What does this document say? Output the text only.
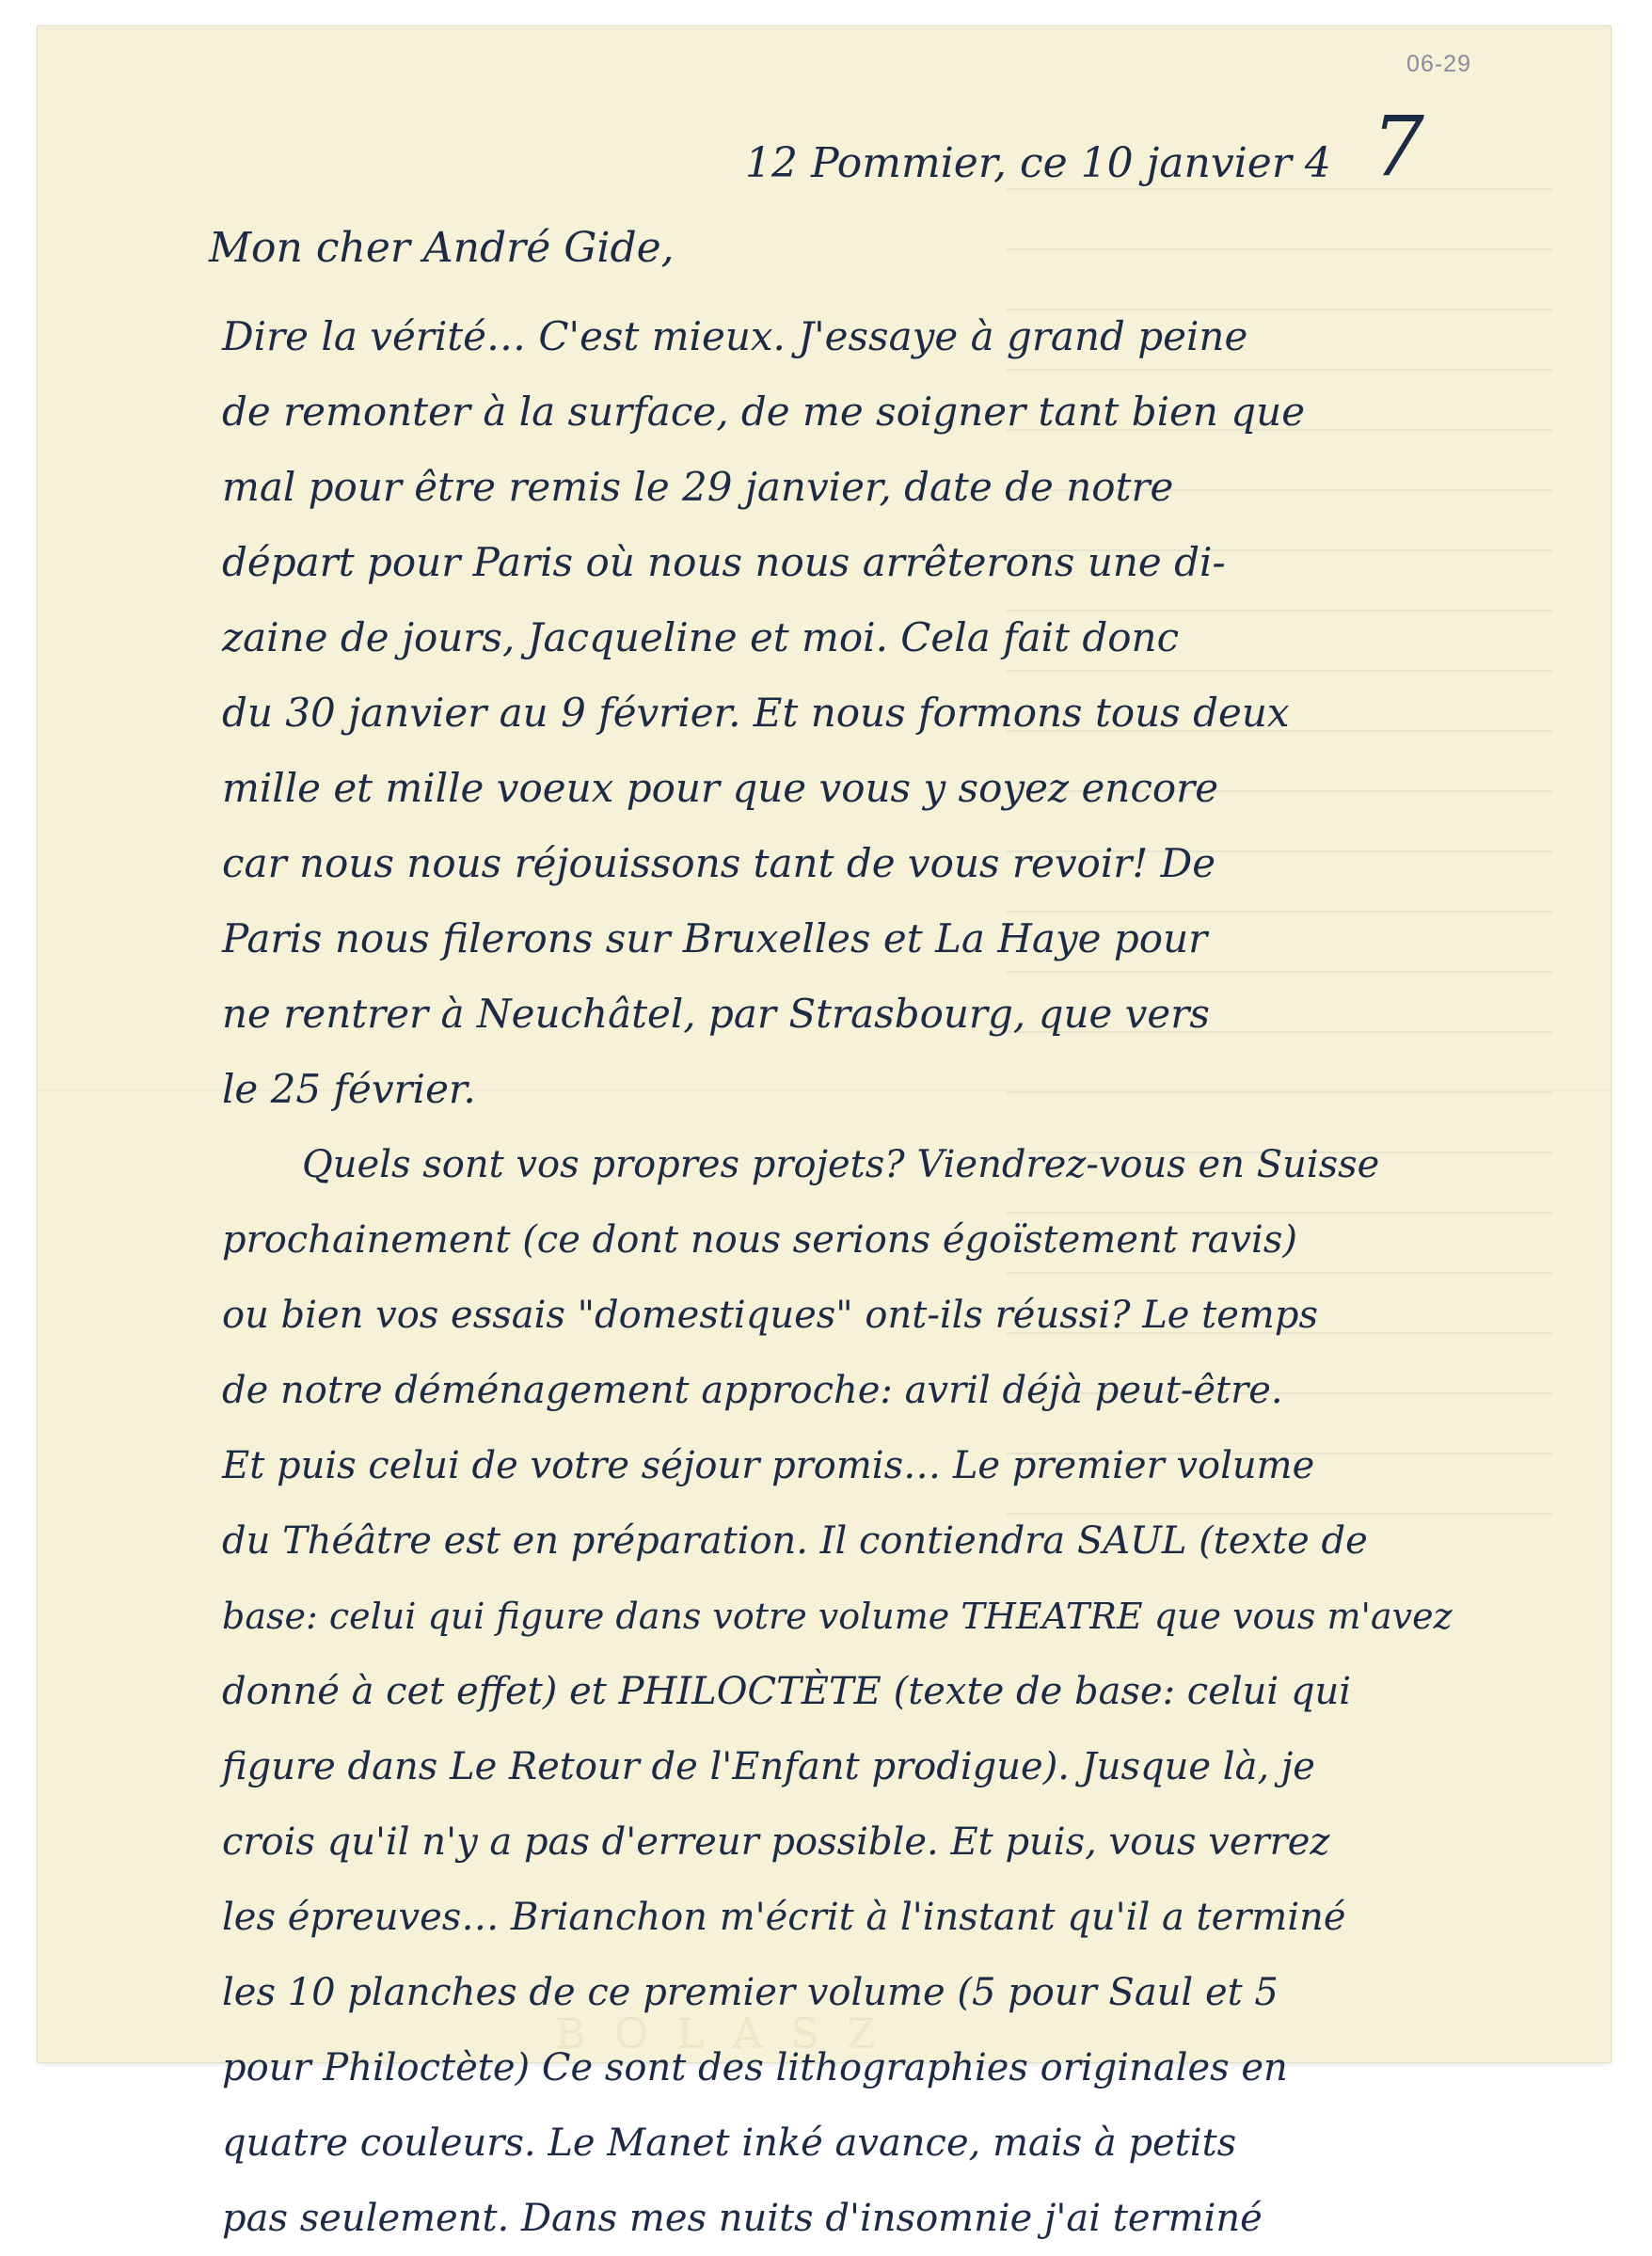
06-29
12 Pommier, ce 10 janvier 4 7
Mon cher André Gide,
Dire la vérité… C'est mieux. J'essaye à grand peine
de remonter à la surface, de me soigner tant bien que
mal pour être remis le 29 janvier, date de notre
départ pour Paris où nous nous arrêterons une di-
zaine de jours, Jacqueline et moi. Cela fait donc
du 30 janvier au 9 février. Et nous formons tous deux
mille et mille voeux pour que vous y soyez encore
car nous nous réjouissons tant de vous revoir! De
Paris nous filerons sur Bruxelles et La Haye pour
ne rentrer à Neuchâtel, par Strasbourg, que vers
le 25 février.
Quels sont vos propres projets? Viendrez-vous en Suisse
prochainement (ce dont nous serions égoïstement ravis)
ou bien vos essais "domestiques" ont-ils réussi? Le temps
de notre déménagement approche: avril déjà peut-être.
Et puis celui de votre séjour promis… Le premier volume
du Théâtre est en préparation. Il contiendra SAUL (texte de
base: celui qui figure dans votre volume THEATRE que vous m'avez
donné à cet effet) et PHILOCTÈTE (texte de base: celui qui
figure dans Le Retour de l'Enfant prodigue). Jusque là, je
crois qu'il n'y a pas d'erreur possible. Et puis, vous verrez
les épreuves… Brianchon m'écrit à l'instant qu'il a terminé
les 10 planches de ce premier volume (5 pour Saul et 5
pour Philoctète) Ce sont des lithographies originales en
quatre couleurs. Le Manet inké avance, mais à petits
pas seulement. Dans mes nuits d'insomnie j'ai terminé
BOLASZ
